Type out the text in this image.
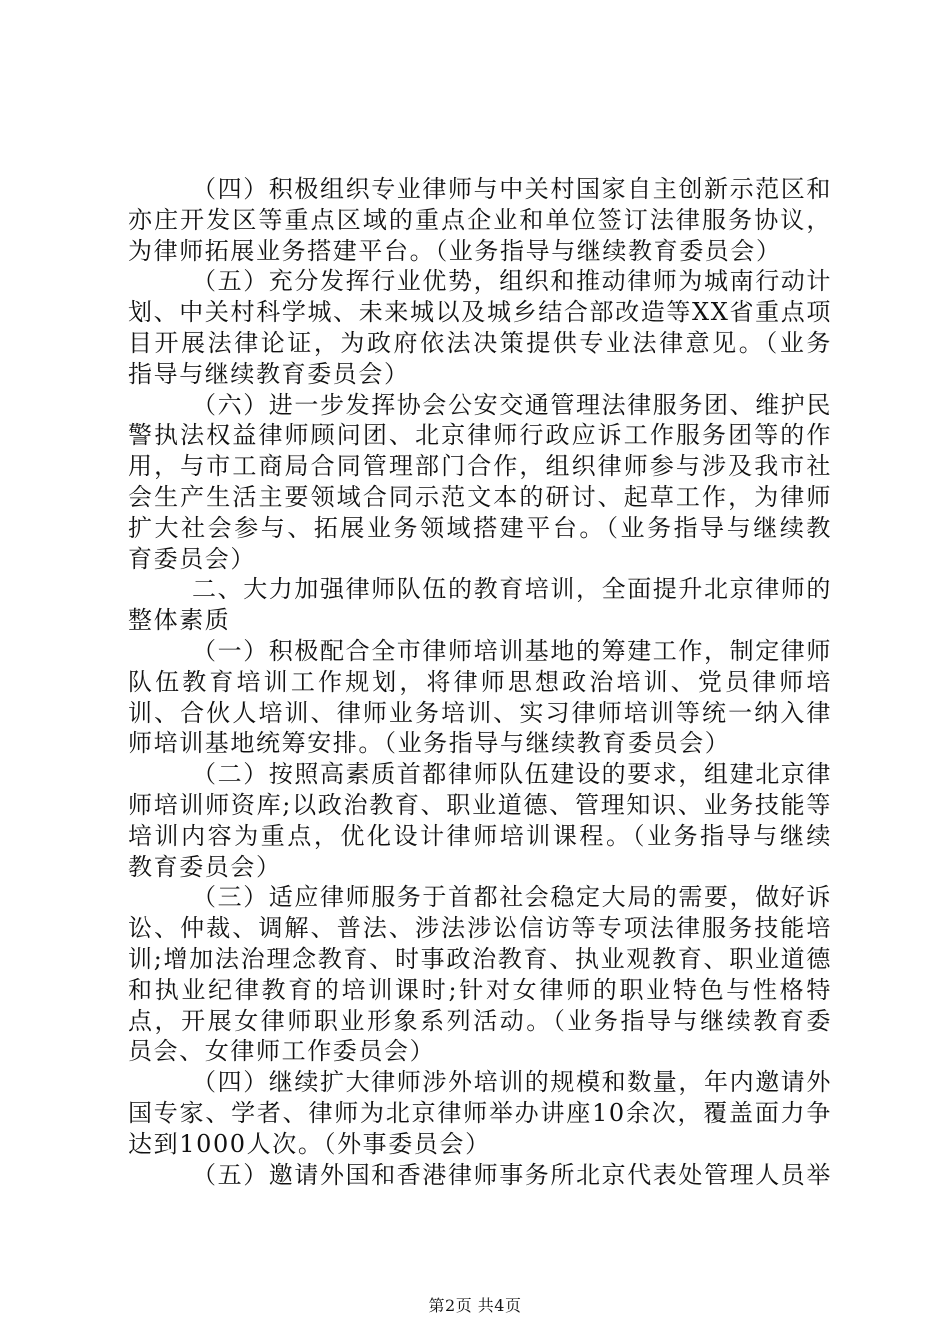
（四）积极组织专业律师与中关村国家自主创新示范区和亦庄开发区等重点区域的重点企业和单位签订法律服务协议，为律师拓展业务搭建平台。（业务指导与继续教育委员会）

（五）充分发挥行业优势，组织和推动律师为城南行动计划、中关村科学城、未来城以及城乡结合部改造等XX省重点项目开展法律论证，为政府依法决策提供专业法律意见。（业务指导与继续教育委员会）

（六）进一步发挥协会公安交通管理法律服务团、维护民警执法权益律师顾问团、北京律师行政应诉工作服务团等的作用，与市工商局合同管理部门合作，组织律师参与涉及我市社会生产生活主要领域合同示范文本的研讨、起草工作，为律师扩大社会参与、拓展业务领域搭建平台。（业务指导与继续教育委员会）

二、大力加强律师队伍的教育培训，全面提升北京律师的整体素质

（一）积极配合全市律师培训基地的筹建工作，制定律师队伍教育培训工作规划，将律师思想政治培训、党员律师培训、合伙人培训、律师业务培训、实习律师培训等统一纳入律师培训基地统筹安排。（业务指导与继续教育委员会）

（二）按照高素质首都律师队伍建设的要求，组建北京律师培训师资库;以政治教育、职业道德、管理知识、业务技能等培训内容为重点，优化设计律师培训课程。（业务指导与继续教育委员会）

（三）适应律师服务于首都社会稳定大局的需要，做好诉讼、仲裁、调解、普法、涉法涉讼信访等专项法律服务技能培训;增加法治理念教育、时事政治教育、执业观教育、职业道德和执业纪律教育的培训课时;针对女律师的职业特色与性格特点，开展女律师职业形象系列活动。（业务指导与继续教育委员会、女律师工作委员会）

（四）继续扩大律师涉外培训的规模和数量，年内邀请外国专家、学者、律师为北京律师举办讲座10余次，覆盖面力争达到1000人次。（外事委员会）

（五）邀请外国和香港律师事务所北京代表处管理人员举

第2页 共4页
